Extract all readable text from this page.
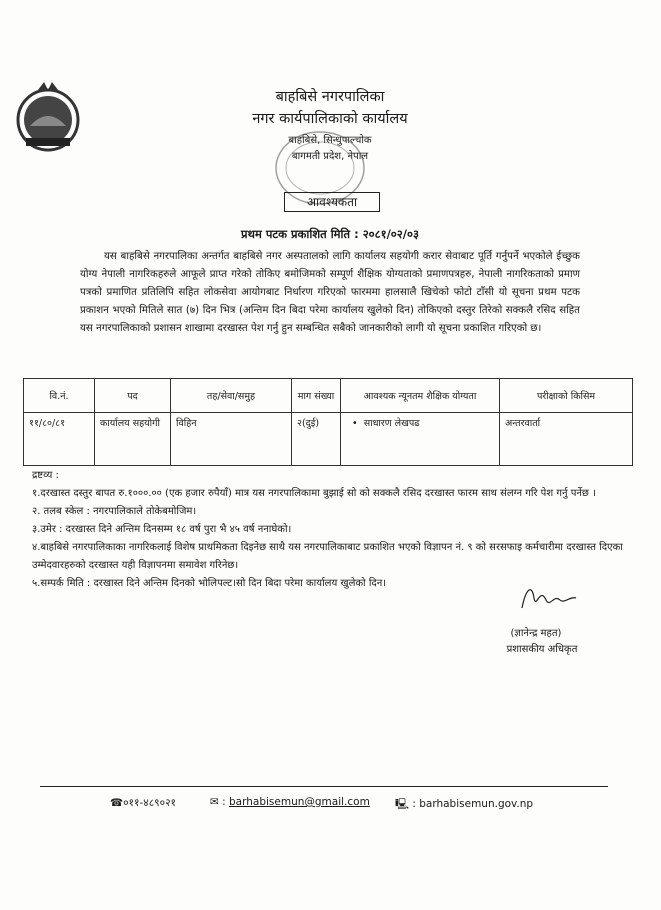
बाहबिसे नगरपालिका
नगर कार्यपालिकाको कार्यालय
बाहबिसे, सिन्धुपाल्चोक
बागमती प्रदेश, नेपाल
आवश्यकता
प्रथम पटक प्रकाशित मिति : २०८१/०२/०३
यस बाहबिसे नगरपालिका अन्तर्गत बाहबिसे नगर अस्पतालको लागि कार्यालय सहयोगी करार सेवाबाट पूर्ति गर्नुपर्ने भएकोले ईच्छुक योग्य नेपाली नागरिकहरुले आफूले प्राप्त गरेको तोकिए बमोजिमको सम्पूर्ण शैक्षिक योग्यताको प्रमाणपत्रहरु, नेपाली नागरिकताको प्रमाण पत्रको प्रमाणित प्रतिलिपि सहित लोकसेवा आयोगबाट निर्धारण गरिएको फारममा हालसालै खिचेको फोटो टाँसी यो सूचना प्रथम पटक प्रकाशन भएको मितिले सात (७) दिन भित्र (अन्तिम दिन बिदा परेमा कार्यालय खुलेको दिन) तोकिएको दस्तुर तिरेको सक्कलै रसिद सहित यस नगरपालिकाको प्रशासन शाखामा दरखास्त पेश गर्नु हुन सम्बन्धित सबैको जानकारीको लागी यो सूचना प्रकाशित गरिएको छ।
वि.नं.	पद	तह/सेवा/समुह	माग संख्या	आवश्यक न्यूनतम शैक्षिक योग्यता	परीक्षाको किसिम
११/८०/८१	कार्यालय सहयोगी	विहिन	२(दुई)	•  साधारण लेखपढ	अन्तरवार्ता
द्रष्टव्य :
१.दरखास्त दस्तुर बापत रु.१०००.०० (एक हजार रुपैयाँ) मात्र यस नगरपालिकामा बुझाई सो को सक्कलै रसिद दरखास्त फारम साथ संलग्न गरि पेश गर्नु पर्नेछ ।
२. तलब स्केल : नगरपालिकाले तोकेबमोजिम।
३.उमेर : दरखास्त दिने अन्तिम दिनसम्म १८ वर्ष पुरा भै ४५ वर्ष ननाघेको।
४.बाहबिसे नगरपालिकाका नागरिकलाई विशेष प्राथमिकता दिइनेछ साथै यस नगरपालिकाबाट प्रकाशित भएको विज्ञापन नं. ९ को सरसफाइ कर्मचारीमा दरखास्त दिएका उम्मेदवारहरुको दरखास्त यही विज्ञापनमा समावेश गरिनेछ।
५.सम्पर्क मिति : दरखास्त दिने अन्तिम दिनको भोलिपल्ट।सो दिन बिदा परेमा कार्यालय खुलेको दिन।
(ज्ञानेन्द्र महत)
प्रशासकीय अधिकृत
☎०११-४८९०२१	✉ : barhabisemun@gmail.com 🖳 : barhabisemun.gov.np
